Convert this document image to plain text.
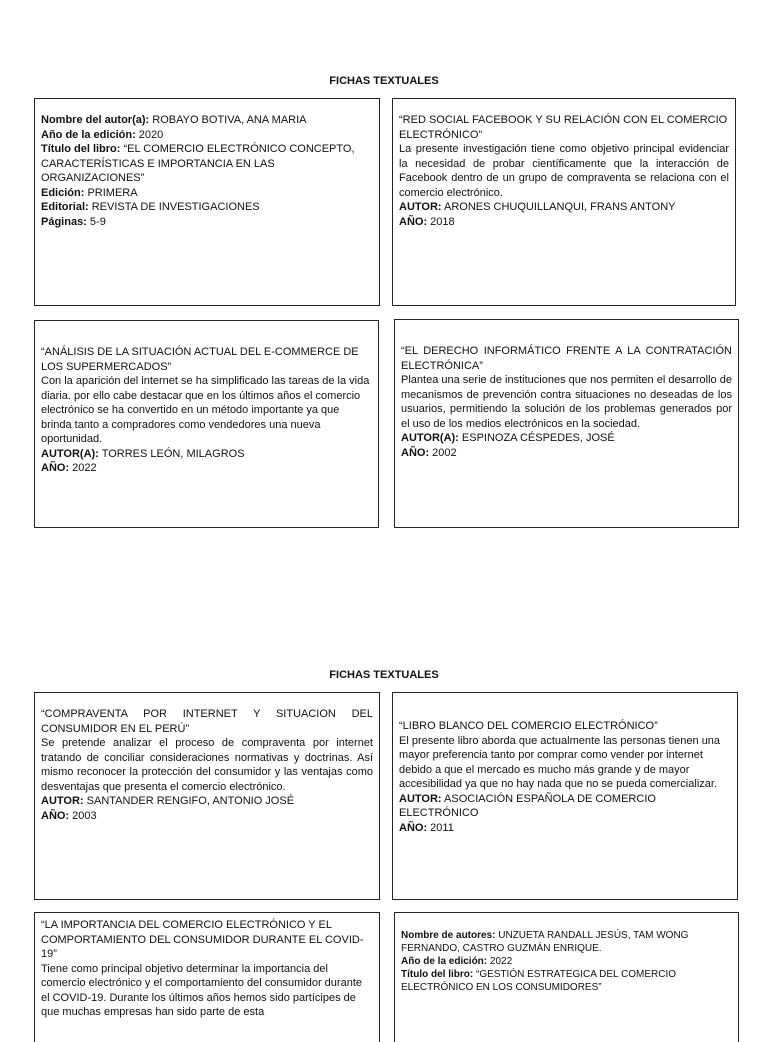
FICHAS TEXTUALES

Nombre del autor(a): ROBAYO BOTIVA, ANA MARIA

Año de la edición: 2020

Título del libro: “EL COMERCIO ELECTRÓNICO CONCEPTO, CARACTERÍSTICAS E IMPORTANCIA EN LAS ORGANIZACIONES”

Edición: PRIMERA

Editorial: REVISTA DE INVESTIGACIONES

Páginas: 5-9

“RED SOCIAL FACEBOOK Y SU RELACIÓN CON EL COMERCIO ELECTRÓNICO”

La presente investigación tiene como objetivo principal evidenciar la necesidad de probar científicamente que la interacción de Facebook dentro de un grupo de compraventa se relaciona con el comercio electrónico.

AUTOR: ARONES CHUQUILLANQUI, FRANS ANTONY

AÑO: 2018

“ANÁLISIS DE LA SITUACIÓN ACTUAL DEL E-COMMERCE DE LOS SUPERMERCADOS”

Con la aparición del internet se ha simplificado las tareas de la vida diaria. por ello cabe destacar que en los últimos años el comercio electrónico se ha convertido en un método importante ya que brinda tanto a compradores como vendedores una nueva oportunidad.

AUTOR(A): TORRES LEÓN, MILAGROS

AÑO: 2022

“EL DERECHO INFORMÁTICO FRENTE A LA CONTRATACIÓN ELECTRÓNICA”

Plantea una serie de instituciones que nos permiten el desarrollo de mecanismos de prevención contra situaciones no deseadas de los usuarios, permitiendo la solución de los problemas generados por el uso de los medios electrónicos en la sociedad.

AUTOR(A): ESPINOZA CÉSPEDES, JOSÉ

AÑO: 2002

FICHAS TEXTUALES

“COMPRAVENTA POR INTERNET Y SITUACION DEL CONSUMIDOR EN EL PERÚ”

Se pretende analizar el proceso de compraventa por internet tratando de conciliar consideraciones normativas y doctrinas. Así mismo reconocer la protección del consumidor y las ventajas como desventajas que presenta el comercio electrónico.

AUTOR: SANTANDER RENGIFO, ANTONIO JOSÉ

AÑO: 2003

“LIBRO BLANCO DEL COMERCIO ELECTRÓNICO”

El presente libro aborda que actualmente las personas tienen una mayor preferencia tanto por comprar como vender por internet debido a que el mercado es mucho más grande y de mayor accesibilidad ya que no hay nada que no se pueda comercializar.

AUTOR: ASOCIACIÓN ESPAÑOLA DE COMERCIO ELECTRÓNICO

AÑO: 2011

“LA IMPORTANCIA DEL COMERCIO ELECTRÓNICO Y EL COMPORTAMIENTO DEL CONSUMIDOR DURANTE EL COVID-19”

Tiene como principal objetivo determinar la importancia del comercio electrónico y el comportamiento del consumidor durante el COVID-19. Durante los últimos años hemos sido partícipes de que muchas empresas han sido parte de esta

Nombre de autores: UNZUETA RANDALL JESÚS, TAM WONG FERNANDO, CASTRO GUZMÁN ENRIQUE.

Año de la edición: 2022

Título del libro: “GESTIÓN ESTRATEGICA DEL COMERCIO ELECTRÓNICO EN LOS CONSUMIDORES”
